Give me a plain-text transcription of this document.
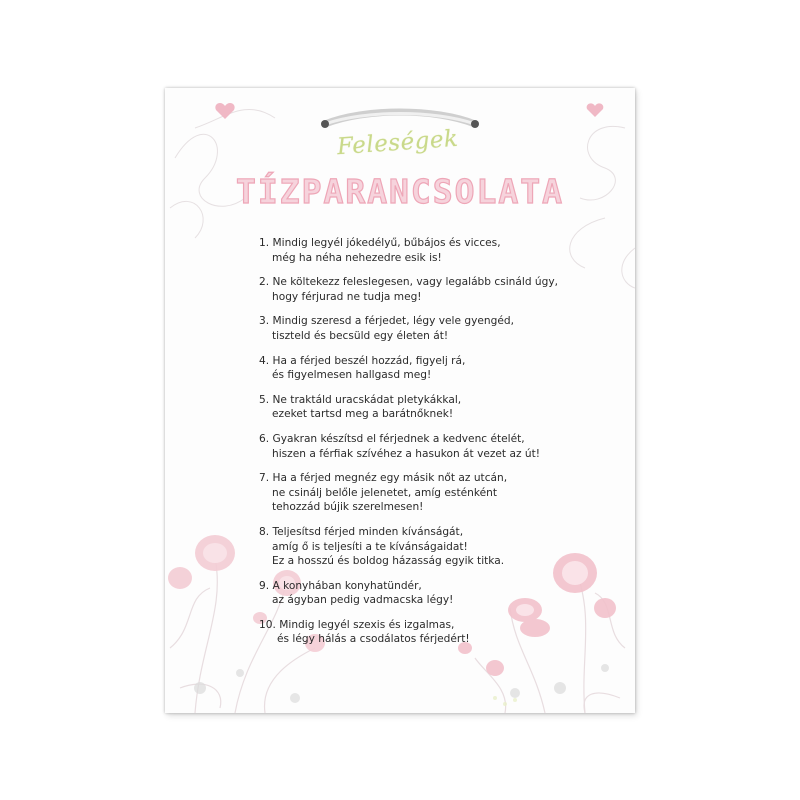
Feleségek
TÍZPARANCSOLATA
1. Mindig legyél jókedélyű, bűbájos és vicces,
még ha néha nehezedre esik is!
2. Ne költekezz feleslegesen, vagy legalább csináld úgy,
hogy férjurad ne tudja meg!
3. Mindig szeresd a férjedet, légy vele gyengéd,
tiszteld és becsüld egy életen át!
4. Ha a férjed beszél hozzád, figyelj rá,
és figyelmesen hallgasd meg!
5. Ne traktáld uracskádat pletykákkal,
ezeket tartsd meg a barátnőknek!
6. Gyakran készítsd el férjednek a kedvenc ételét,
hiszen a férfiak szívéhez a hasukon át vezet az út!
7. Ha a férjed megnéz egy másik nőt az utcán,
ne csinálj belőle jelenetet, amíg esténként
tehozzád bújik szerelmesen!
8. Teljesítsd férjed minden kívánságát,
amíg ő is teljesíti a te kívánságaidat!
Ez a hosszú és boldog házasság egyik titka.
9. A konyhában konyhatündér,
az ágyban pedig vadmacska légy!
10. Mindig legyél szexis és izgalmas,
és légy hálás a csodálatos férjedért!
